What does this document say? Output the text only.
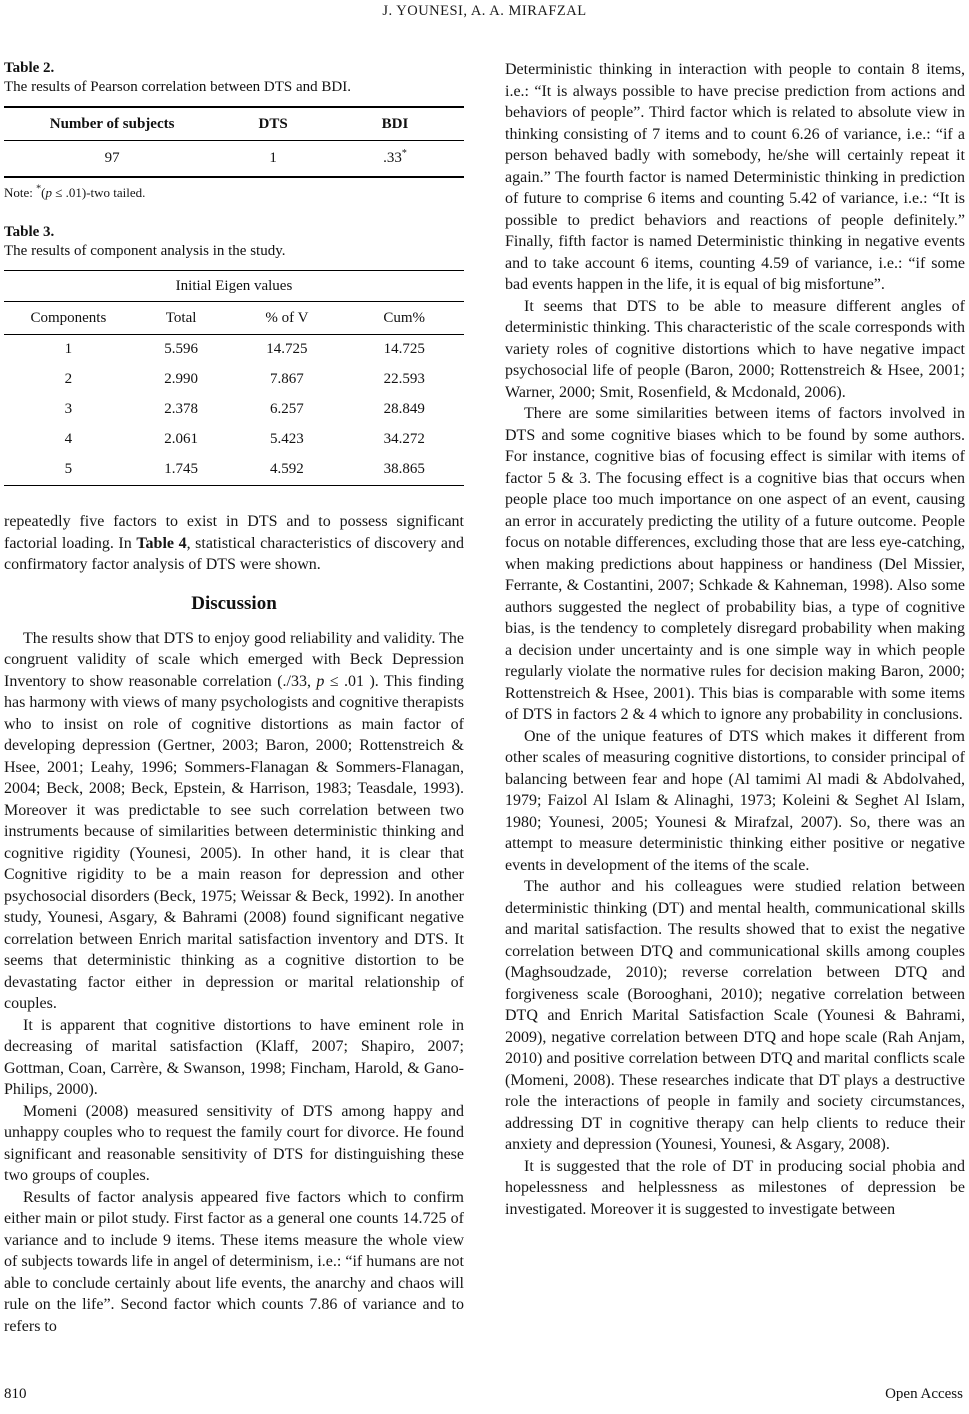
J. YOUNESI, A. A. MIRAFZAL
Table 2.
The results of Pearson correlation between DTS and BDI.
Number of subjects	DTS	BDI
97	1	.33*
Note: *(p ≤ .01)-two tailed.
Table 3.
The results of component analysis in the study.
Initial Eigen values			
Components	Total	% of V	Cum%
1	5.596	14.725	14.725
2	2.990	7.867	22.593
3	2.378	6.257	28.849
4	2.061	5.423	34.272
5	1.745	4.592	38.865
repeatedly five factors to exist in DTS and to possess significant factorial loading. In Table 4, statistical characteristics of discovery and confirmatory factor analysis of DTS were shown.
Discussion
The results show that DTS to enjoy good reliability and validity. The congruent validity of scale which emerged with Beck Depression Inventory to show reasonable correlation (./33, p ≤ .01 ). This finding has harmony with views of many psychologists and cognitive therapists who to insist on role of cognitive distortions as main factor of developing depression (Gertner, 2003; Baron, 2000; Rottenstreich & Hsee, 2001; Leahy, 1996; Sommers-Flanagan & Sommers-Flanagan, 2004; Beck, 2008; Beck, Epstein, & Harrison, 1983; Teasdale, 1993). Moreover it was predictable to see such correlation between two instruments because of similarities between deterministic thinking and cognitive rigidity (Younesi, 2005). In other hand, it is clear that Cognitive rigidity to be a main reason for depression and other psychosocial disorders (Beck, 1975; Weissar & Beck, 1992). In another study, Younesi, Asgary, & Bahrami (2008) found significant negative correlation between Enrich marital satisfaction inventory and DTS. It seems that deterministic thinking as a cognitive distortion to be devastating factor either in depression or marital relationship of couples.
It is apparent that cognitive distortions to have eminent role in decreasing of marital satisfaction (Klaff, 2007; Shapiro, 2007; Gottman, Coan, Carrère, & Swanson, 1998; Fincham, Harold, & Gano-Philips, 2000).
Momeni (2008) measured sensitivity of DTS among happy and unhappy couples who to request the family court for divorce. He found significant and reasonable sensitivity of DTS for distinguishing these two groups of couples.
Results of factor analysis appeared five factors which to confirm either main or pilot study. First factor as a general one counts 14.725 of variance and to include 9 items. These items measure the whole view of subjects towards life in angel of determinism, i.e.: “if humans are not able to conclude certainly about life events, the anarchy and chaos will rule on the life”. Second factor which counts 7.86 of variance and to refers to
Deterministic thinking in interaction with people to contain 8 items, i.e.: “It is always possible to have precise prediction from actions and behaviors of people”. Third factor which is related to absolute view in thinking consisting of 7 items and to count 6.26 of variance, i.e.: “if a person behaved badly with somebody, he/she will certainly repeat it again.” The fourth factor is named Deterministic thinking in prediction of future to comprise 6 items and counting 5.42 of variance, i.e.: “It is possible to predict behaviors and reactions of people definitely.” Finally, fifth factor is named Deterministic thinking in negative events and to take account 6 items, counting 4.59 of variance, i.e.: “if some bad events happen in the life, it is equal of big misfortune”.
It seems that DTS to be able to measure different angles of deterministic thinking. This characteristic of the scale corresponds with variety roles of cognitive distortions which to have negative impact psychosocial life of people (Baron, 2000; Rottenstreich & Hsee, 2001; Warner, 2000; Smit, Rosenfield, & Mcdonald, 2006).
There are some similarities between items of factors involved in DTS and some cognitive biases which to be found by some authors. For instance, cognitive bias of focusing effect is similar with items of factor 5 & 3. The focusing effect is a cognitive bias that occurs when people place too much importance on one aspect of an event, causing an error in accurately predicting the utility of a future outcome. People focus on notable differences, excluding those that are less eye-catching, when making predictions about happiness or handiness (Del Missier, Ferrante, & Costantini, 2007; Schkade & Kahneman, 1998). Also some authors suggested the neglect of probability bias, a type of cognitive bias, is the tendency to completely disregard probability when making a decision under uncertainty and is one simple way in which people regularly violate the normative rules for decision making Baron, 2000; Rottenstreich & Hsee, 2001). This bias is comparable with some items of DTS in factors 2 & 4 which to ignore any probability in conclusions.
One of the unique features of DTS which makes it different from other scales of measuring cognitive distortions, to consider principal of balancing between fear and hope (Al tamimi Al madi & Abdolvahed, 1979; Faizol Al Islam & Alinaghi, 1973; Koleini & Seghet Al Islam, 1980; Younesi, 2005; Younesi & Mirafzal, 2007). So, there was an attempt to measure deterministic thinking either positive or negative events in development of the items of the scale.
The author and his colleagues were studied relation between deterministic thinking (DT) and mental health, communicational skills and marital satisfaction. The results showed that to exist the negative correlation between DTQ and communicational skills among couples (Maghsoudzade, 2010); reverse correlation between DTQ and forgiveness scale (Borooghani, 2010); negative correlation between DTQ and Enrich Marital Satisfaction Scale (Younesi & Bahrami, 2009), negative correlation between DTQ and hope scale (Rah Anjam, 2010) and positive correlation between DTQ and marital conflicts scale (Momeni, 2008). These researches indicate that DT plays a destructive role the interactions of people in family and society circumstances, addressing DT in cognitive therapy can help clients to reduce their anxiety and depression (Younesi, Younesi, & Asgary, 2008).
It is suggested that the role of DT in producing social phobia and hopelessness and helplessness as milestones of depression be investigated. Moreover it is suggested to investigate between
810	Open Access
